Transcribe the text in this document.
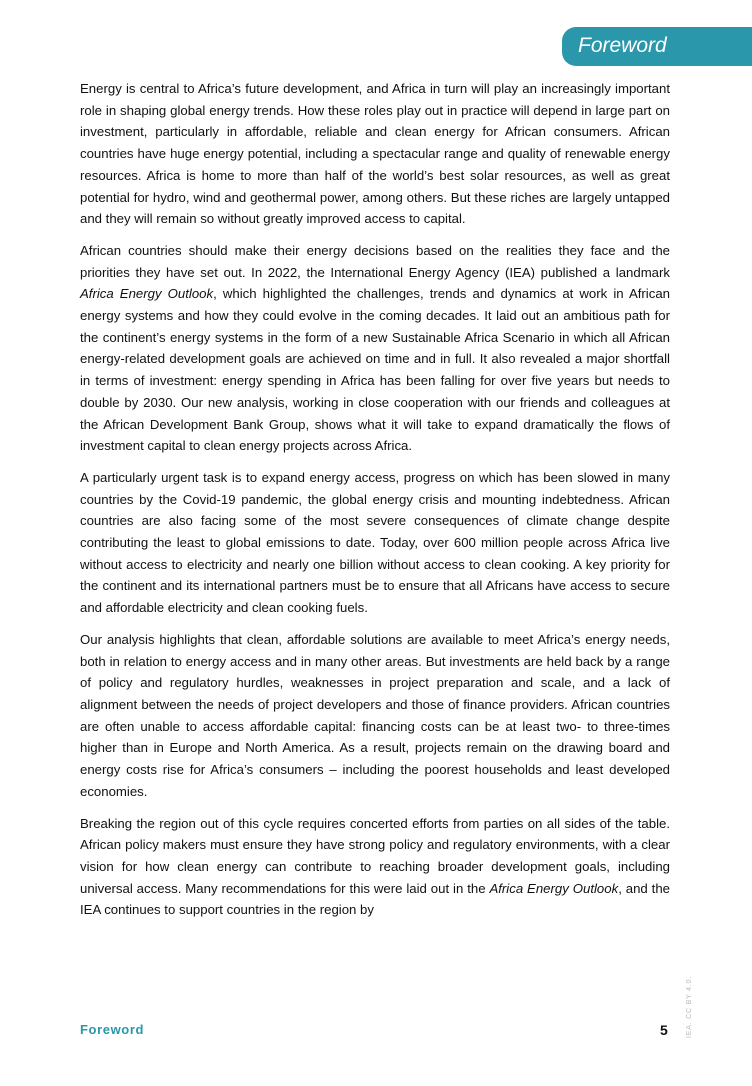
Foreword

Energy is central to Africa’s future development, and Africa in turn will play an increasingly important role in shaping global energy trends. How these roles play out in practice will depend in large part on investment, particularly in affordable, reliable and clean energy for African consumers. African countries have huge energy potential, including a spectacular range and quality of renewable energy resources. Africa is home to more than half of the world’s best solar resources, as well as great potential for hydro, wind and geothermal power, among others. But these riches are largely untapped and they will remain so without greatly improved access to capital.

African countries should make their energy decisions based on the realities they face and the priorities they have set out. In 2022, the International Energy Agency (IEA) published a landmark Africa Energy Outlook, which highlighted the challenges, trends and dynamics at work in African energy systems and how they could evolve in the coming decades. It laid out an ambitious path for the continent’s energy systems in the form of a new Sustainable Africa Scenario in which all African energy-related development goals are achieved on time and in full. It also revealed a major shortfall in terms of investment: energy spending in Africa has been falling for over five years but needs to double by 2030. Our new analysis, working in close cooperation with our friends and colleagues at the African Development Bank Group, shows what it will take to expand dramatically the flows of investment capital to clean energy projects across Africa.

A particularly urgent task is to expand energy access, progress on which has been slowed in many countries by the Covid-19 pandemic, the global energy crisis and mounting indebtedness. African countries are also facing some of the most severe consequences of climate change despite contributing the least to global emissions to date. Today, over 600 million people across Africa live without access to electricity and nearly one billion without access to clean cooking. A key priority for the continent and its international partners must be to ensure that all Africans have access to secure and affordable electricity and clean cooking fuels.

Our analysis highlights that clean, affordable solutions are available to meet Africa’s energy needs, both in relation to energy access and in many other areas. But investments are held back by a range of policy and regulatory hurdles, weaknesses in project preparation and scale, and a lack of alignment between the needs of project developers and those of finance providers. African countries are often unable to access affordable capital: financing costs can be at least two- to three-times higher than in Europe and North America. As a result, projects remain on the drawing board and energy costs rise for Africa’s consumers – including the poorest households and least developed economies.

Breaking the region out of this cycle requires concerted efforts from parties on all sides of the table. African policy makers must ensure they have strong policy and regulatory environments, with a clear vision for how clean energy can contribute to reaching broader development goals, including universal access. Many recommendations for this were laid out in the Africa Energy Outlook, and the IEA continues to support countries in the region by

Foreword	5	IEA. CC BY 4.0.
